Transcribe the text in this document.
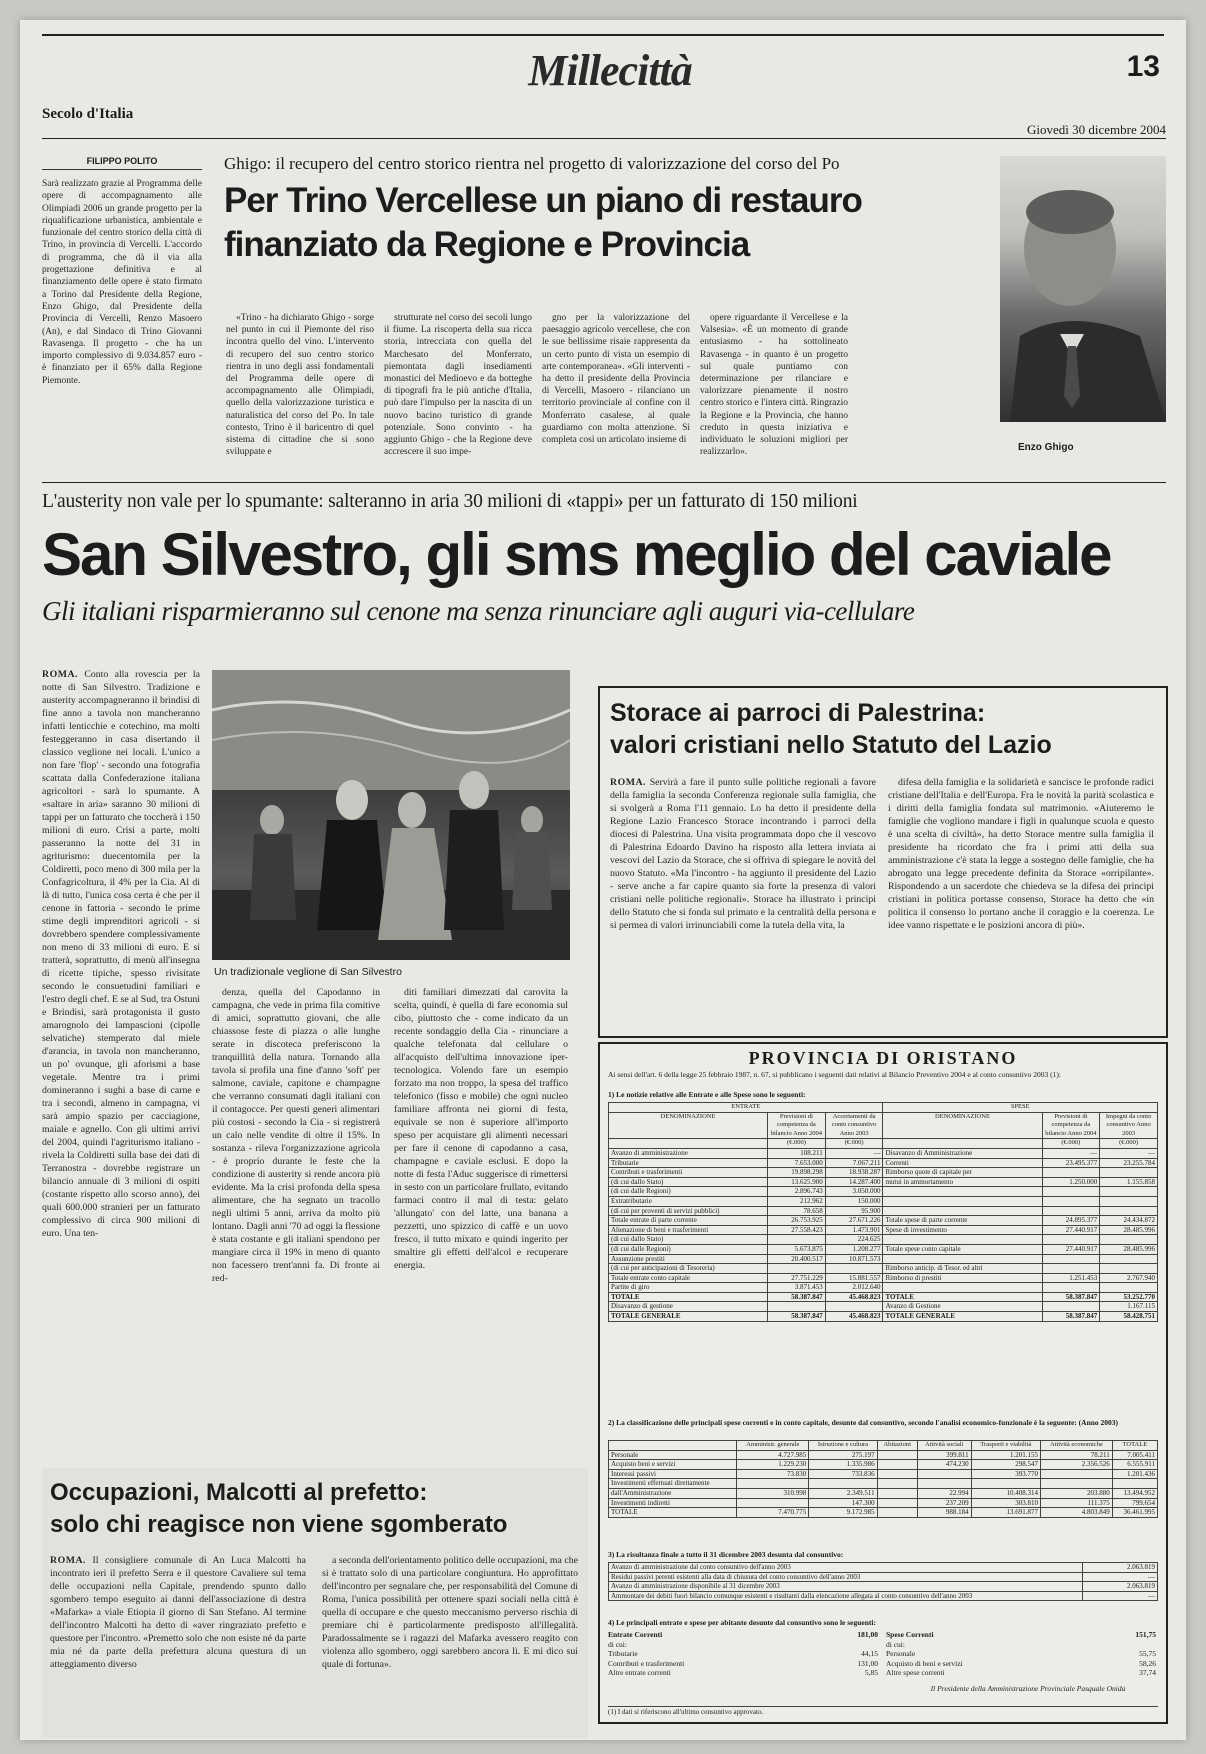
Millecittà	13
Secolo d'Italia
Giovedì 30 dicembre 2004
FILIPPO POLITO
Sarà realizzato grazie al Programma delle opere di accompagnamento alle Olimpiadi 2006 un grande progetto per la riqualificazione urbanistica, ambientale e funzionale del centro storico della città di Trino, in provincia di Vercelli. L'accordo di programma, che dà il via alla progettazione definitiva e al finanziamento delle opere è stato firmato a Torino dal Presidente della Regione, Enzo Ghigo, dal Presidente della Provincia di Vercelli, Renzo Masoero (An), e dal Sindaco di Trino Giovanni Ravasenga. Il progetto - che ha un importo complessivo di 9.034.857 euro - è finanziato per il 65% dalla Regione Piemonte.
Ghigo: il recupero del centro storico rientra nel progetto di valorizzazione del corso del Po
Per Trino Vercellese un piano di restauro
finanziato da Regione e Provincia

«Trino - ha dichiarato Ghigo - sorge nel punto in cui il Piemonte del riso incontra quello del vino. L'intervento di recupero del suo centro storico rientra in uno degli assi fondamentali del Programma delle opere di accompagnamento alle Olimpiadi, quello della valorizzazione turistica e naturalistica del corso del Po. In tale contesto, Trino è il baricentro di quel sistema di cittadine che si sono sviluppate e

strutturate nel corso dei secoli lungo il fiume. La riscoperta della sua ricca storia, intrecciata con quella del Marchesato del Monferrato, piemontata dagli insediamenti monastici del Medioevo e da botteghe di tipografi fra le più antiche d'Italia, può dare l'impulso per la nascita di un nuovo bacino turistico di grande potenziale. Sono convinto - ha aggiunto Ghigo - che la Regione deve accrescere il suo impe-

gno per la valorizzazione del paesaggio agricolo vercellese, che con le sue bellissime risaie rappresenta da un certo punto di vista un esempio di arte contemporanea». «Gli interventi - ha detto il presidente della Provincia di Vercelli, Masoero - rilanciano un territorio provinciale al confine con il Monferrato casalese, al quale guardiamo con molta attenzione. Si completa così un articolato insieme di

opere riguardante il Vercellese e la Valsesia». «È un momento di grande entusiasmo - ha sottolineato Ravasenga - in quanto è un progetto sul quale puntiamo con determinazione per rilanciare e valorizzare pienamente il nostro centro storico e l'intera città. Ringrazio la Regione e la Provincia, che hanno creduto in questa iniziativa e individuato le soluzioni migliori per realizzarlo».	Enzo Ghigo
L'austerity non vale per lo spumante: salteranno in aria 30 milioni di «tappi» per un fatturato di 150 milioni
San Silvestro, gli sms meglio del caviale
Gli italiani risparmieranno sul cenone ma senza rinunciare agli auguri via-cellulare
ROMA. Conto alla rovescia per la notte di San Silvestro. Tradizione e austerity accompagneranno il brindisi di fine anno a tavola non mancheranno infatti lenticchie e cotechino, ma molti festeggeranno in casa disertando il classico veglione nei locali. L'unico a non fare 'flop' - secondo una fotografia scattata dalla Confederazione italiana agricoltori - sarà lo spumante. A «saltare in aria» saranno 30 milioni di tappi per un fatturato che toccherà i 150 milioni di euro. Crisi a parte, molti passeranno la notte del 31 in agriturismo: duecentomila per la Coldiretti, poco meno di 300 mila per la Confagricoltura, il 4% per la Cia. Al di là di tutto, l'unica cosa certa è che per il cenone in fattoria - secondo le prime stime degli imprenditori agricoli - si dovrebbero spendere complessivamente non meno di 33 milioni di euro. E si tratterà, soprattutto, di menù all'insegna di ricette tipiche, spesso rivisitate secondo le consuetudini familiari e l'estro degli chef. E se al Sud, tra Ostuni e Brindisi, sarà protagonista il gusto amarognolo dei lampascioni (cipolle selvatiche) stemperato dal miele d'arancia, in tavola non mancheranno, un po' ovunque, gli aforismi a base vegetale. Mentre tra i primi domineranno i sughi a base di carne e tra i secondi, almeno in campagna, vi sarà ampio spazio per cacciagione, maiale e agnello. Con gli ultimi arrivi del 2004, quindi l'agriturismo italiano - rivela la Coldiretti sulla base dei dati di Terranostra - dovrebbe registrare un bilancio annuale di 3 milioni di ospiti (costante rispetto allo scorso anno), dei quali 600.000 stranieri per un fatturato complessivo di circa 900 milioni di euro. Una ten-
Un tradizionale veglione di San Silvestro

denza, quella del Capodanno in campagna, che vede in prima fila comitive di amici, soprattutto giovani, che alle chiassose feste di piazza o alle lunghe serate in discoteca preferiscono la tranquillità della natura. Tornando alla tavola si profila una fine d'anno 'soft' per salmone, caviale, capitone e champagne che verranno consumati dagli italiani con il contagocce. Per questi generi alimentari più costosi - secondo la Cia - si registrerà un calo nelle vendite di oltre il 15%. In sostanza - rileva l'organizzazione agricola - è proprio durante le feste che la condizione di austerity si rende ancora più evidente. Ma la crisi profonda della spesa alimentare, che ha segnato un tracollo negli ultimi 5 anni, arriva da molto più lontano. Dagli anni '70 ad oggi la flessione è stata costante e gli italiani spendono per mangiare circa il 19% in meno di quanto non facessero trent'anni fa. Di fronte ai red-

diti familiari dimezzati dal carovita la scelta, quindi, è quella di fare economia sul cibo, piuttosto che - come indicato da un recente sondaggio della Cia - rinunciare a qualche telefonata dal cellulare o all'acquisto dell'ultima innovazione iper-tecnologica. Volendo fare un esempio forzato ma non troppo, la spesa del traffico telefonico (fisso e mobile) che ogni nucleo familiare affronta nei giorni di festa, equivale se non è superiore all'importo speso per acquistare gli alimenti necessari per fare il cenone di capodanno a casa, champagne e caviale esclusi. E dopo la notte di festa l'Aduc suggerisce di rimettersi in sesto con un particolare frullato, evitando farmaci contro il mal di testa: gelato 'allungato' con del latte, una banana a pezzetti, uno spizzico di caffè e un uovo fresco, il tutto mixato e quindi ingerito per smaltire gli effetti dell'alcol e recuperare energia.

Storace ai parroci di Palestrina:
valori cristiani nello Statuto del Lazio
ROMA. Servirà a fare il punto sulle politiche regionali a favore della famiglia la seconda Conferenza regionale sulla famiglia, che si svolgerà a Roma l'11 gennaio. Lo ha detto il presidente della Regione Lazio Francesco Storace incontrando i parroci della diocesi di Palestrina. Una visita programmata dopo che il vescovo di Palestrina Edoardo Davino ha risposto alla lettera inviata ai vescovi del Lazio da Storace, che si offriva di spiegare le novità del nuovo Statuto. «Ma l'incontro - ha aggiunto il presidente del Lazio - serve anche a far capire quanto sia forte la presenza di valori cristiani nelle politiche regionali». Storace ha illustrato i principi dello Statuto che si fonda sul primato e la centralità della persona e si permea di valori irrinunciabili come la tutela della vita, la

difesa della famiglia e la solidarietà e sancisce le profonde radici cristiane dell'Italia e dell'Europa. Fra le novità la parità scolastica e i diritti della famiglia fondata sul matrimonio. «Aiuteremo le famiglie che vogliono mandare i figli in qualunque scuola e questo è una scelta di civiltà», ha detto Storace mentre sulla famiglia il presidente ha ricordato che fra i primi atti della sua amministrazione c'è stata la legge a sostegno delle famiglie, che ha abrogato una legge precedente definita da Storace «orripilante». Rispondendo a un sacerdote che chiedeva se la difesa dei principi cristiani in politica portasse consenso, Storace ha detto che «in politica il consenso lo portano anche il coraggio e la coerenza. Le idee vanno rispettate e le posizioni ancora di più».

PROVINCIA DI ORISTANO
Ai sensi dell'art. 6 della legge 25 febbraio 1987, n. 67, si pubblicano i seguenti dati relativi al Bilancio Preventivo 2004 e al conto consuntivo 2003 (1):
1) Le notizie relative alle Entrate e alle Spese sono le seguenti:
ENTRATE			SPESE		
DENOMINAZIONE	Previsioni di competenza da bilancio Anno 2004	Accertamenti da conto consuntivo Anno 2003	DENOMINAZIONE	Previsioni di competenza da bilancio Anno 2004	Impegni da conto consuntivo Anno 2003
	(€.000)	(€.000)		(€.000)	(€.000)
Avanzo di amministrazione	108.211	—	Disavanzo di Amministrazione	—	—
Tributarie	7.653.000	7.067.211	Correnti	23.495.377	23.255.784
Contributi e trasferimenti	19.898.298	18.938.287	Rimborso quote di capitale per		
(di cui dallo Stato)	13.625.900	14.287.400	mutui in ammortamento	1.250.000	1.155.858
(di cui dalle Regioni)	2.896.743	3.050.000			
Extratributarie	212.962	150.000			
(di cui per proventi di servizi pubblici)	78.658	95.900			
Totale entrate di parte corrente	26.753.925	27.671.226	Totale spese di parte corrente	24.895.377	24.434.872
Alienazione di beni e trasferimenti	27.558.423	1.473.901	Spese di investimento	27.440.917	28.485.996
(di cui dallo Stato)		224.625			
(di cui dalle Regioni)	5.673.875	1.208.277	Totale spese conto capitale	27.440.917	28.485.996
Assunzione prestiti	20.400.517	10.871.573			
(di cui per anticipazioni di Tesoreria)			Rimborso anticip. di Tesor. ed altri		
Totale entrate conto capitale	27.751.229	15.881.557	Rimborso di prestiti	1.251.453	2.767.940
Partite di giro	3.871.453	2.012.640			
TOTALE	58.387.847	45.468.823	TOTALE	58.387.847	53.252.770
Disavanzo di gestione			Avanzo di Gestione		1.167.115
TOTALE GENERALE	58.387.847	45.468.823	TOTALE GENERALE	58.387.847	58.428.751
2) La classificazione delle principali spese correnti e in conto capitale, desunte dal consuntivo, secondo l'analisi economico-funzionale è la seguente: (Anno 2003)
	Amministr. generale	Istruzione e cultura	Abitazioni	Attività sociali	Trasporti e viabilità	Attività economiche	TOTALE
Personale	4.727.985	275.197		399.811	1.201.155	78.211	7.005.411
Acquisto beni e servizi	1.229.230	1.335.986		474.230	298.547	2.356.526	6.555.911
Interessi passivi	73.830	733.836			393.770		1.201.436
Investimenti effettuati direttamente							
dall'Amministrazione	310.998	2.349.511		22.994	10.408.314	203.880	13.494.952
Investimenti indiretti		147.300		237.209	303.810	111.375	799.654
TOTALE	7.470.775	9.172.985		988.184	13.691.877	4.803.849	36.461.995
3) La risultanza finale a tutto il 31 dicembre 2003 desunta dal consuntivo:
Avanzo di amministrazione dal conto consuntivo dell'anno 2003	2.063.819
Residui passivi perenti esistenti alla data di chiusura del conto consuntivo dell'anno 2003	—
Avanzo di amministrazione disponibile al 31 dicembre 2003	2.063.819
Ammontare dei debiti fuori bilancio comunque esistenti e risultanti dalla elencazione allegata al conto consuntivo dell'anno 2003	—
4) Le principali entrate e spese per abitante desunte dal consuntivo sono le seguenti:
Entrate Correnti	181,00
di cui:
Tributarie	44,15
Contributi e trasferimenti	131,00
Altre entrate correnti	5,85
Spese Correnti	151,75
di cui:
Personale	55,75
Acquisto di beni e servizi	58,26
Altre spese correnti	37,74
Il Presidente della Amministrazione Provinciale Pasquale Onida
(1) I dati si riferiscono all'ultimo consuntivo approvato.
Occupazioni, Malcotti al prefetto:
solo chi reagisce non viene sgomberato
ROMA. Il consigliere comunale di An Luca Malcotti ha incontrato ieri il prefetto Serra e il questore Cavaliere sul tema delle occupazioni nella Capitale, prendendo spunto dallo sgombero tempo eseguito ai danni dell'associazione di destra «Mafarka» a viale Etiopia il giorno di San Stefano. Al termine dell'incontro Malcotti ha detto di «aver ringraziato prefetto e questore per l'incontro. «Premetto solo che non esiste né da parte mia né da parte della prefettura alcuna questura di un atteggiamento diverso

a seconda dell'orientamento politico delle occupazioni, ma che si è trattato solo di una particolare congiuntura. Ho approfittato dell'incontro per segnalare che, per responsabilità del Comune di Roma, l'unica possibilità per ottenere spazi sociali nella città è quella di occupare e che questo meccanismo perverso rischia di premiare chi è particolarmente predisposto all'illegalità. Paradossalmente se i ragazzi del Mafarka avessero reagito con violenza allo sgombero, oggi sarebbero ancora lì. E mi dico sui quale di fortuna».
